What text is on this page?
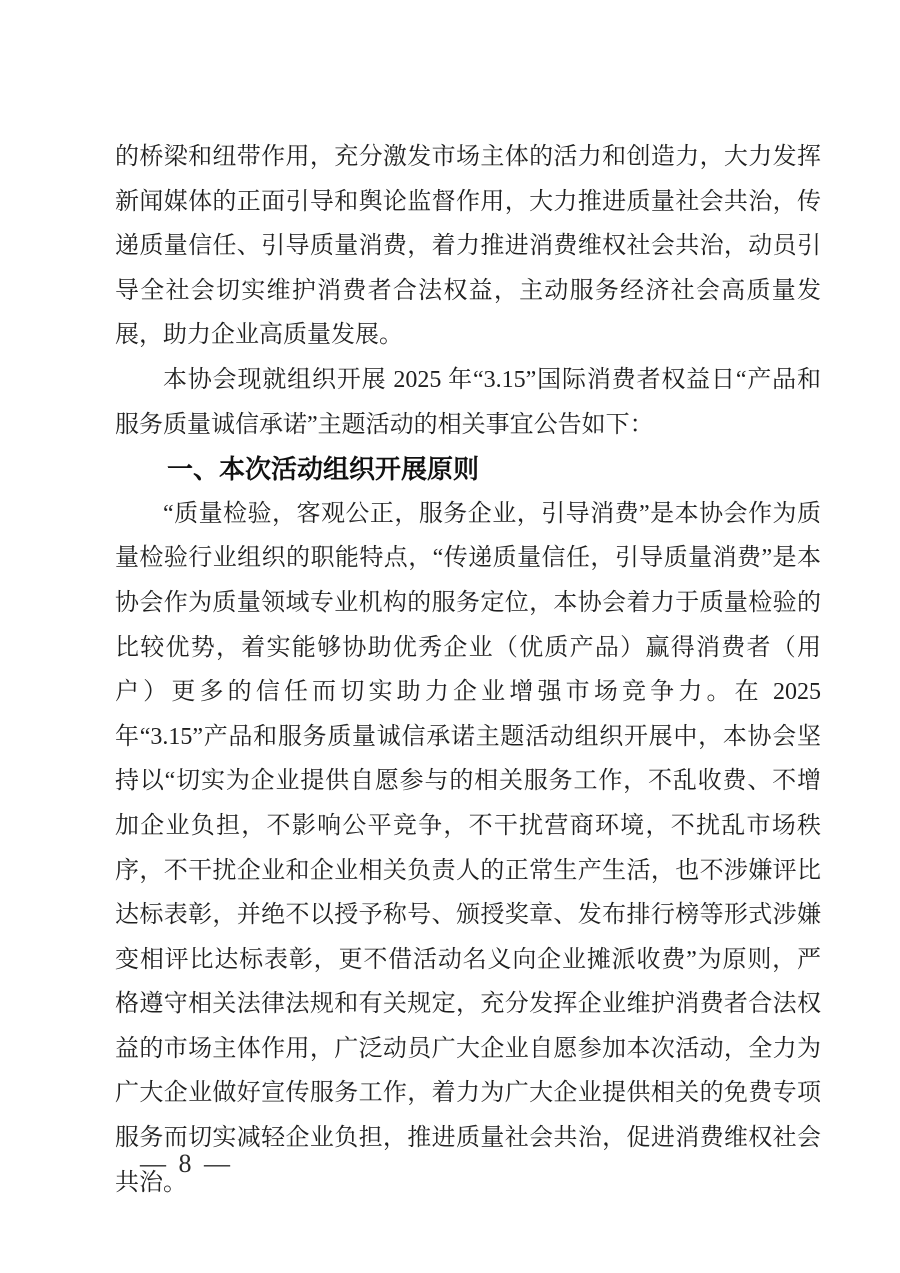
的桥梁和纽带作用，充分激发市场主体的活力和创造力，大力发挥新闻媒体的正面引导和舆论监督作用，大力推进质量社会共治，传递质量信任、引导质量消费，着力推进消费维权社会共治，动员引导全社会切实维护消费者合法权益，主动服务经济社会高质量发展，助力企业高质量发展。

本协会现就组织开展 2025 年“3.15”国际消费者权益日“产品和服务质量诚信承诺”主题活动的相关事宜公告如下：

一、本次活动组织开展原则

“质量检验，客观公正，服务企业，引导消费”是本协会作为质量检验行业组织的职能特点，“传递质量信任，引导质量消费”是本协会作为质量领域专业机构的服务定位，本协会着力于质量检验的比较优势，着实能够协助优秀企业（优质产品）赢得消费者（用户）更多的信任而切实助力企业增强市场竞争力。在 2025 年“3.15”产品和服务质量诚信承诺主题活动组织开展中，本协会坚持以“切实为企业提供自愿参与的相关服务工作，不乱收费、不增加企业负担，不影响公平竞争，不干扰营商环境，不扰乱市场秩序，不干扰企业和企业相关负责人的正常生产生活，也不涉嫌评比达标表彰，并绝不以授予称号、颁授奖章、发布排行榜等形式涉嫌变相评比达标表彰，更不借活动名义向企业摊派收费”为原则，严格遵守相关法律法规和有关规定，充分发挥企业维护消费者合法权益的市场主体作用，广泛动员广大企业自愿参加本次活动，全力为广大企业做好宣传服务工作，着力为广大企业提供相关的免费专项服务而切实减轻企业负担，推进质量社会共治，促进消费维权社会共治。

— 8 —
